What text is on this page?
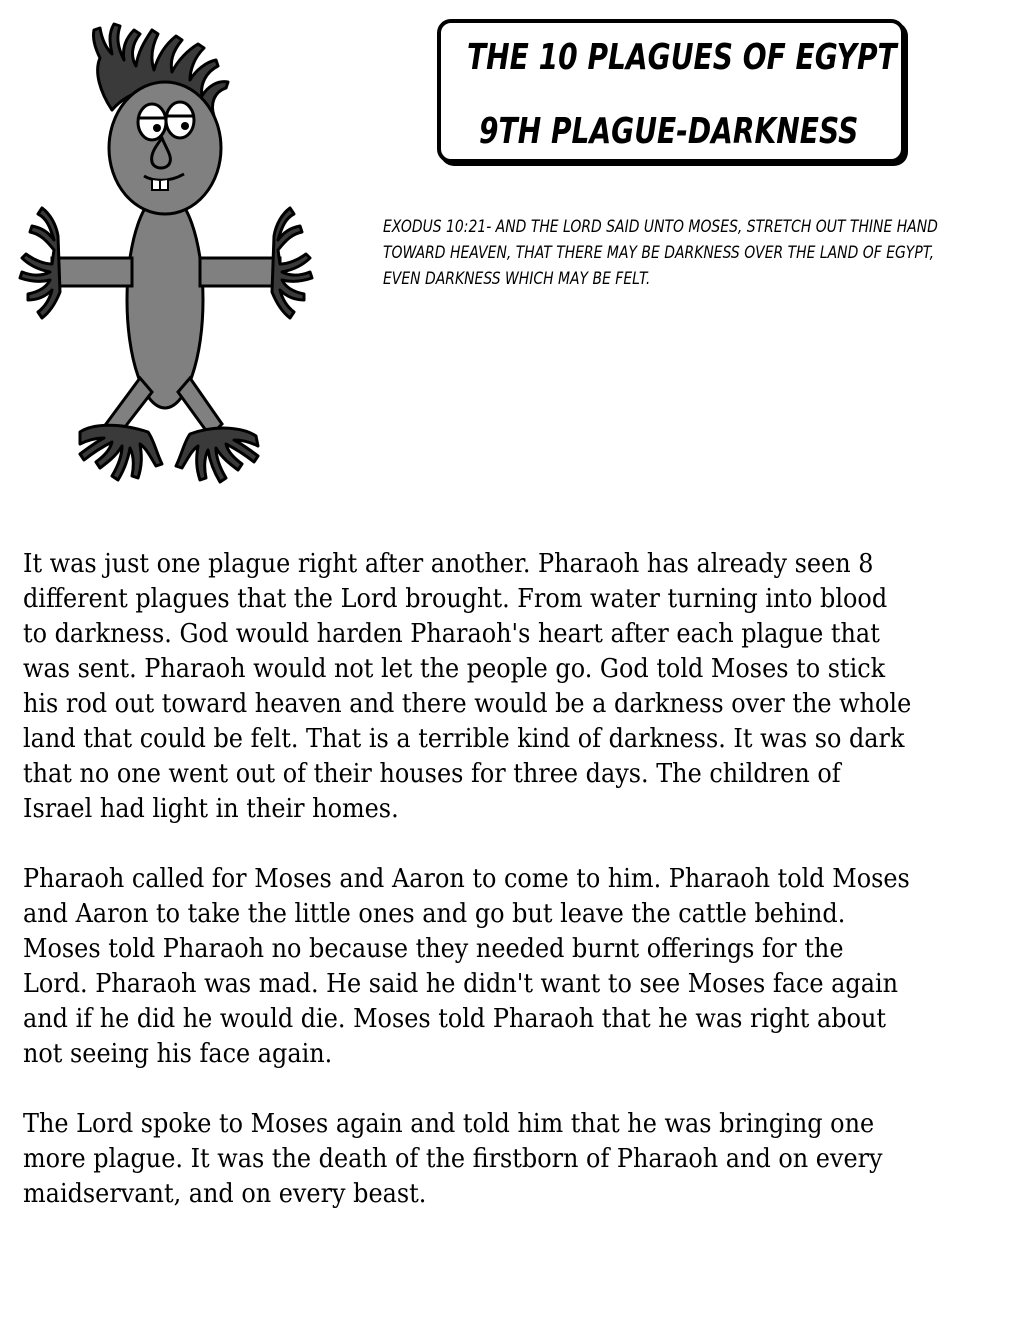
THE 10 PLAGUES OF EGYPT
9TH PLAGUE-DARKNESS
EXODUS 10:21- AND THE LORD SAID UNTO MOSES, STRETCH OUT THINE HAND
TOWARD HEAVEN, THAT THERE MAY BE DARKNESS OVER THE LAND OF EGYPT,
EVEN DARKNESS WHICH MAY BE FELT.
It was just one plague right after another. Pharaoh has already seen 8
different plagues that the Lord brought. From water turning into blood
to darkness. God would harden Pharaoh's heart after each plague that
was sent. Pharaoh would not let the people go. God told Moses to stick
his rod out toward heaven and there would be a darkness over the whole
land that could be felt. That is a terrible kind of darkness. It was so dark
that no one went out of their houses for three days. The children of
Israel had light in their homes.
Pharaoh called for Moses and Aaron to come to him. Pharaoh told Moses
and Aaron to take the little ones and go but leave the cattle behind.
Moses told Pharaoh no because they needed burnt offerings for the
Lord. Pharaoh was mad. He said he didn't want to see Moses face again
and if he did he would die. Moses told Pharaoh that he was right about
not seeing his face again.
The Lord spoke to Moses again and told him that he was bringing one
more plague. It was the death of the firstborn of Pharaoh and on every
maidservant, and on every beast.
